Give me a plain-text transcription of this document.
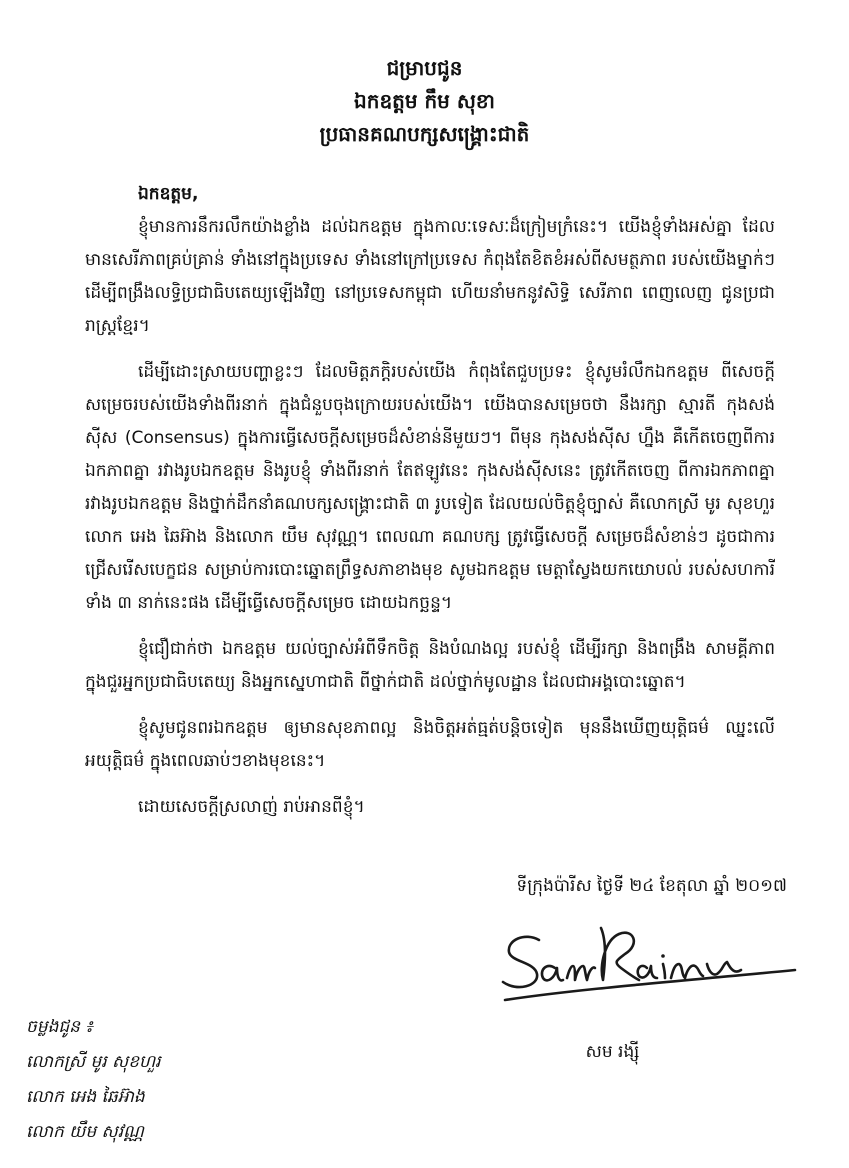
ជម្រាបជូន
ឯកឧត្តម កឹម សុខា
ប្រធានគណបក្សសង្គ្រោះជាតិ
ឯកឧត្តម,

ខ្ញុំមានការនឹករលឹកយ៉ាងខ្លាំង ដល់ឯកឧត្តម ក្នុងកាលៈទេសៈដ៏ក្រៀមក្រំនេះ។ យើងខ្ញុំទាំងអស់គ្នា ដែលមានសេរីភាពគ្រប់គ្រាន់ ទាំងនៅក្នុងប្រទេស ទាំងនៅក្រៅប្រទេស កំពុងតែខិតខំអស់ពីសមត្ថភាព របស់យើងម្នាក់ៗ ដើម្បីពង្រឹងលទ្ធិប្រជាធិបតេយ្យឡើងវិញ នៅប្រទេសកម្ពុជា ហើយនាំមកនូវសិទ្ធិ សេរីភាព ពេញលេញ ជូនប្រជារាស្ត្រខ្មែរ។

ដើម្បីដោះស្រាយបញ្ហាខ្លះៗ ដែលមិត្តភក្តិរបស់យើង កំពុងតែជួបប្រទះ ខ្ញុំសូមរំលឹកឯកឧត្តម ពីសេចក្តីសម្រេចរបស់យើងទាំងពីរនាក់ ក្នុងជំនួបចុងក្រោយរបស់យើង។ យើងបានសម្រេចថា នឹងរក្សា ស្មារតី កុងសង់ស៊ីស (Consensus) ក្នុងការធ្វើសេចក្តីសម្រេចដ៏សំខាន់នីមួយៗ។ ពីមុន កុងសង់ស៊ីស ហ្នឹង គឺកើតចេញពីការឯកភាពគ្នា រវាងរូបឯកឧត្តម និងរូបខ្ញុំ ទាំងពីរនាក់ តែឥឡូវនេះ កុងសង់ស៊ីសនេះ ត្រូវកើតចេញ ពីការឯកភាពគ្នា រវាងរូបឯកឧត្តម និងថ្នាក់ដឹកនាំគណបក្សសង្គ្រោះជាតិ ៣ រូបទៀត ដែលយល់ចិត្តខ្ញុំច្បាស់ គឺលោកស្រី មូរ សុខហួរ លោក អេង ឆៃអ៊ាង និងលោក យឹម សុវណ្ណ។ ពេលណា គណបក្ស ត្រូវធ្វើសេចក្តី សម្រេចដ៏សំខាន់ៗ ដូចជាការជ្រើសរើសបេក្ខជន សម្រាប់ការបោះឆ្នោតព្រឹទ្ធសភាខាងមុខ សូមឯកឧត្តម មេត្តាស្វែងយកយោបល់ របស់សហការីទាំង ៣ នាក់នេះផង ដើម្បីធ្វើសេចក្តីសម្រេច ដោយឯកច្ឆន្ទ។

ខ្ញុំជឿជាក់ថា ឯកឧត្តម យល់ច្បាស់អំពីទឹកចិត្ត និងបំណងល្អ របស់ខ្ញុំ ដើម្បីរក្សា និងពង្រឹង សាមគ្គីភាព ក្នុងជួរអ្នកប្រជាធិបតេយ្យ និងអ្នកស្នេហាជាតិ ពីថ្នាក់ជាតិ ដល់ថ្នាក់មូលដ្ឋាន ដែលជាអង្គបោះឆ្នោត។

ខ្ញុំសូមជូនពរឯកឧត្តម ឲ្យមានសុខភាពល្អ និងចិត្តអត់ធ្មត់បន្តិចទៀត មុននឹងឃើញយុត្តិធម៌ ឈ្នះលើ អយុត្តិធម៌ ក្នុងពេលឆាប់ៗខាងមុខនេះ។

ដោយសេចក្តីស្រលាញ់ រាប់អានពីខ្ញុំ។

ទីក្រុងប៉ារីស ថ្ងៃទី ២៤ ខែតុលា ឆ្នាំ ២០១៧
សម រង្ស៊ី
ចម្លងជូន ៖
លោកស្រី មូរ សុខហួរ
លោក អេង ឆៃអ៊ាង
លោក យឹម សុវណ្ណ
